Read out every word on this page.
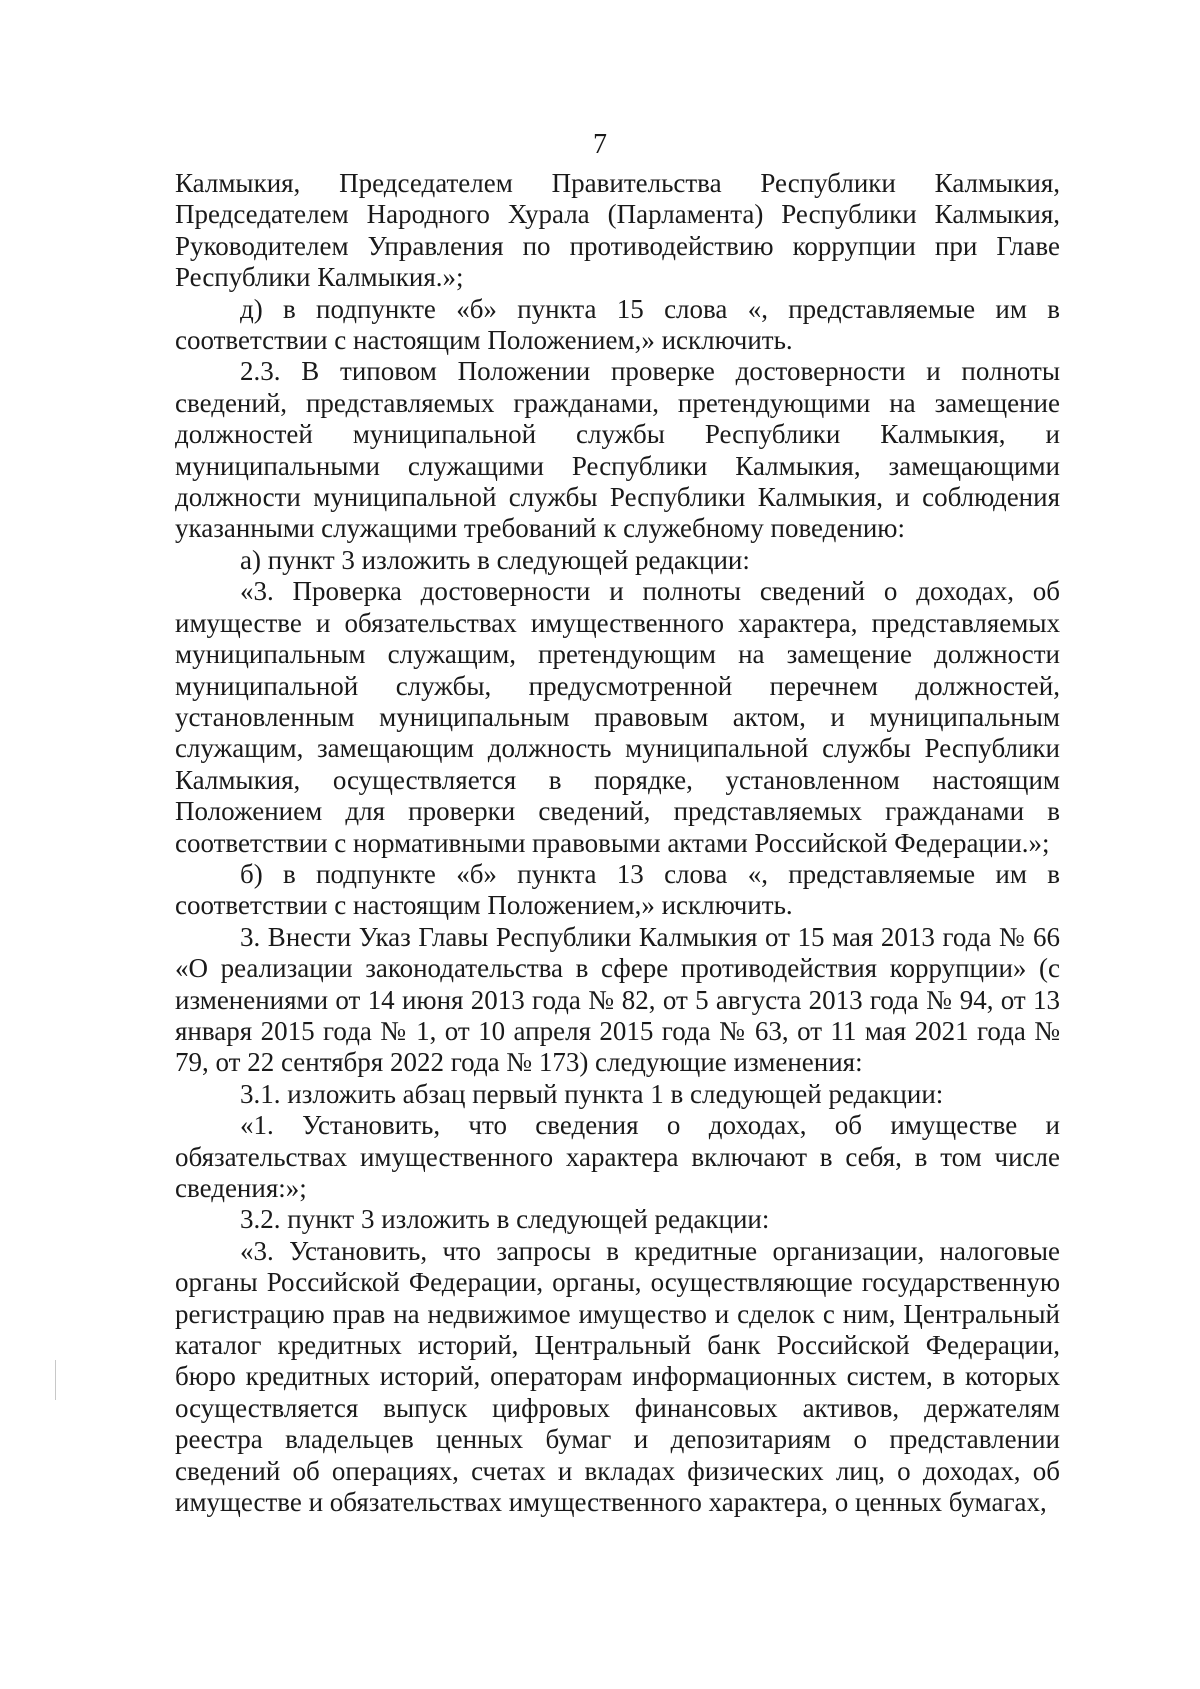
7

Калмыкия, Председателем Правительства Республики Калмыкия, Председателем Народного Хурала (Парламента) Республики Калмыкия, Руководителем Управления по противодействию коррупции при Главе Республики Калмыкия.»;

д) в подпункте «б» пункта 15 слова «, представляемые им в соответствии с настоящим Положением,» исключить.

2.3. В типовом Положении проверке достоверности и полноты сведений, представляемых гражданами, претендующими на замещение должностей муниципальной службы Республики Калмыкия, и муниципальными служащими Республики Калмыкия, замещающими должности муниципальной службы Республики Калмыкия, и соблюдения указанными служащими требований к служебному поведению:

а) пункт 3 изложить в следующей редакции:

«3. Проверка достоверности и полноты сведений о доходах, об имуществе и обязательствах имущественного характера, представляемых муниципальным служащим, претендующим на замещение должности муниципальной службы, предусмотренной перечнем должностей, установленным муниципальным правовым актом, и муниципальным служащим, замещающим должность муниципальной службы Республики Калмыкия, осуществляется в порядке, установленном настоящим Положением для проверки сведений, представляемых гражданами в соответствии с нормативными правовыми актами Российской Федерации.»;

б) в подпункте «б» пункта 13 слова «, представляемые им в соответствии с настоящим Положением,» исключить.

3. Внести Указ Главы Республики Калмыкия от 15 мая 2013 года № 66 «О реализации законодательства в сфере противодействия коррупции» (с изменениями от 14 июня 2013 года № 82, от 5 августа 2013 года № 94, от 13 января 2015 года № 1, от 10 апреля 2015 года № 63, от 11 мая 2021 года № 79, от 22 сентября 2022 года № 173) следующие изменения:

3.1. изложить абзац первый пункта 1 в следующей редакции:

«1. Установить, что сведения о доходах, об имуществе и обязательствах имущественного характера включают в себя, в том числе сведения:»;

3.2. пункт 3 изложить в следующей редакции:

«3. Установить, что запросы в кредитные организации, налоговые органы Российской Федерации, органы, осуществляющие государственную регистрацию прав на недвижимое имущество и сделок с ним, Центральный каталог кредитных историй, Центральный банк Российской Федерации, бюро кредитных историй, операторам информационных систем, в которых осуществляется выпуск цифровых финансовых активов, держателям реестра владельцев ценных бумаг и депозитариям о представлении сведений об операциях, счетах и вкладах физических лиц, о доходах, об имуществе и обязательствах имущественного характера, о ценных бумагах,
